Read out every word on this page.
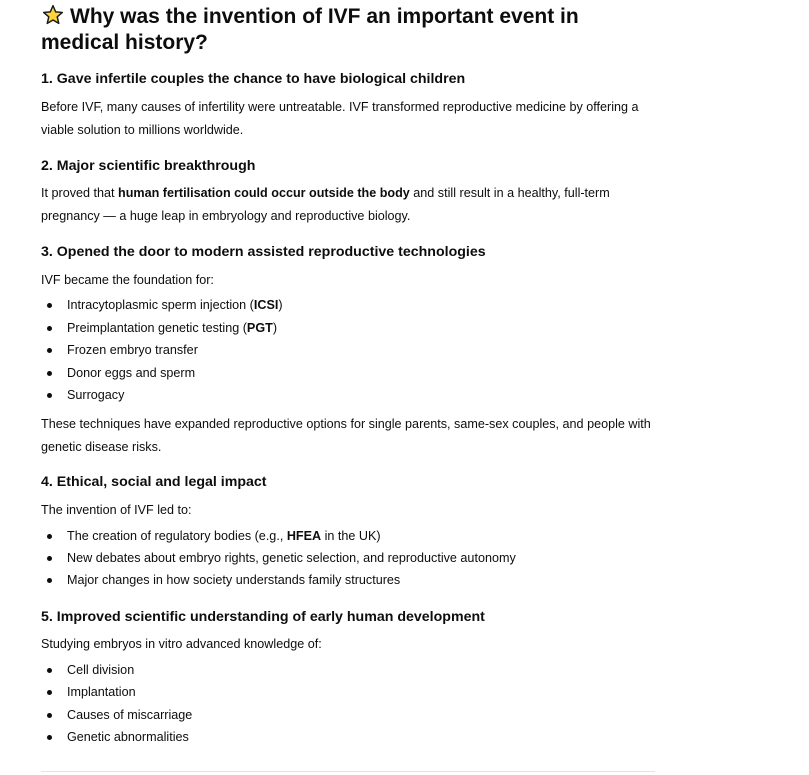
Why was the invention of IVF an important event in medical history?
1. Gave infertile couples the chance to have biological children
Before IVF, many causes of infertility were untreatable. IVF transformed reproductive medicine by offering a viable solution to millions worldwide.
2. Major scientific breakthrough
It proved that human fertilisation could occur outside the body and still result in a healthy, full-term pregnancy — a huge leap in embryology and reproductive biology.
3. Opened the door to modern assisted reproductive technologies
IVF became the foundation for:
Intracytoplasmic sperm injection (ICSI)
Preimplantation genetic testing (PGT)
Frozen embryo transfer
Donor eggs and sperm
Surrogacy
These techniques have expanded reproductive options for single parents, same-sex couples, and people with genetic disease risks.
4. Ethical, social and legal impact
The invention of IVF led to:
The creation of regulatory bodies (e.g., HFEA in the UK)
New debates about embryo rights, genetic selection, and reproductive autonomy
Major changes in how society understands family structures
5. Improved scientific understanding of early human development
Studying embryos in vitro advanced knowledge of:
Cell division
Implantation
Causes of miscarriage
Genetic abnormalities
